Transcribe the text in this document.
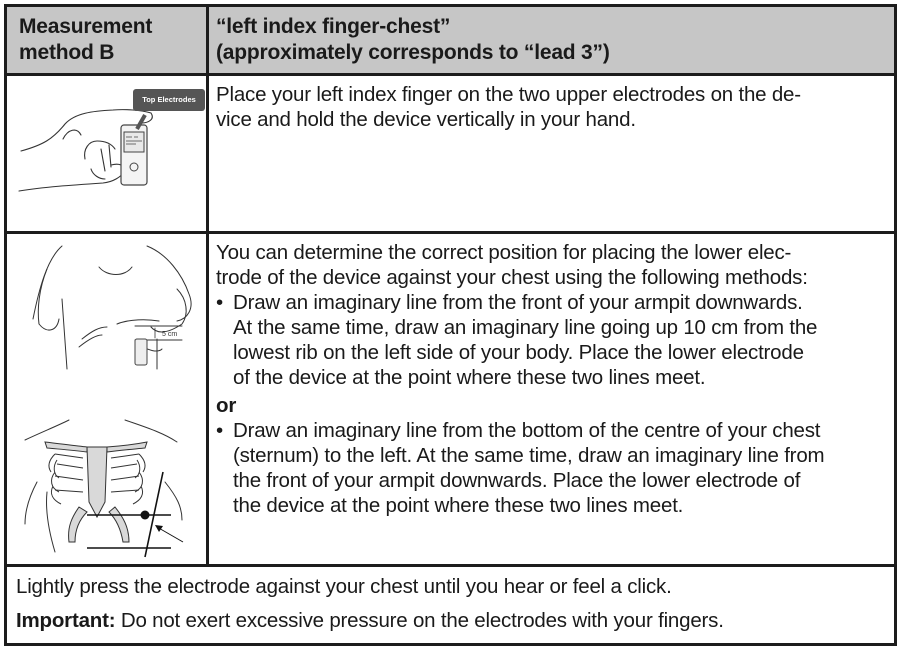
Measurement
method B
“left index finger-chest”
(approximately corresponds to “lead 3”)
Top Electrodes Place your left index finger on the two upper electrodes on the de-
vice and hold the device vertically in your hand.
5 cm
You can determine the correct position for placing the lower elec-
trode of the device against your chest using the following methods:
• Draw an imaginary line from the front of your armpit downwards.
At the same time, draw an imaginary line going up 10 cm from the
lowest rib on the left side of your body. Place the lower electrode
of the device at the point where these two lines meet.
or
• Draw an imaginary line from the bottom of the centre of your chest
(sternum) to the left. At the same time, draw an imaginary line from
the front of your armpit downwards. Place the lower electrode of
the device at the point where these two lines meet.
Lightly press the electrode against your chest until you hear or feel a click.
Important: Do not exert excessive pressure on the electrodes with your fingers.
